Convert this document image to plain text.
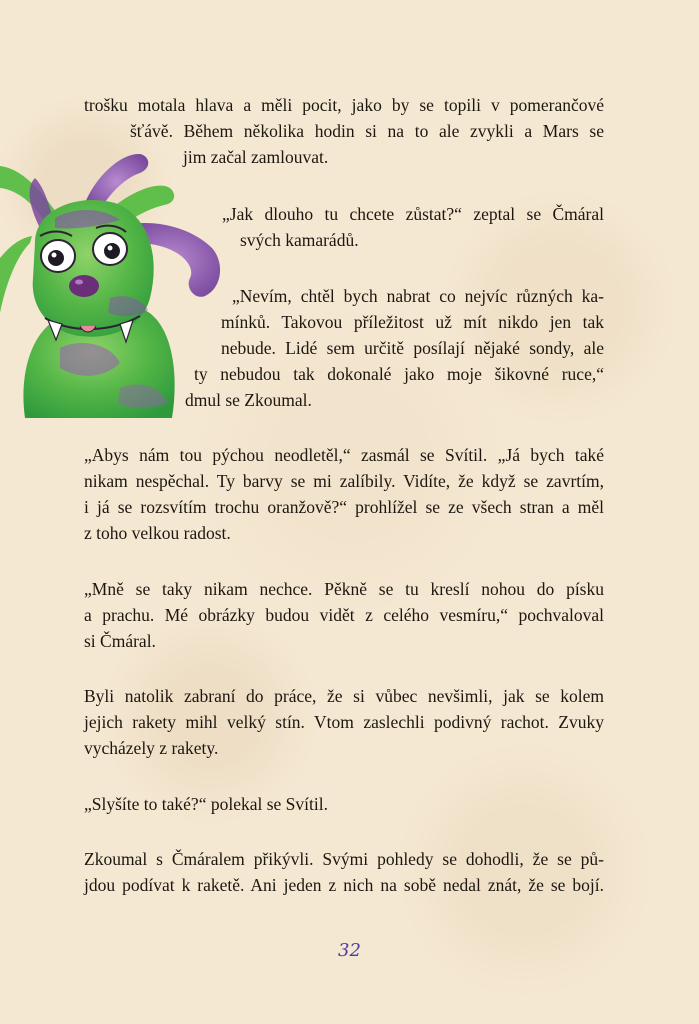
trošku motala hlava a měli pocit, jako by se topili v pomerančové
šťávě. Během několika hodin si na to ale zvykli a Mars se
jim začal zamlouvat.
„Jak dlouho tu chcete zůstat?“ zeptal se Čmáral
svých kamarádů.
„Nevím, chtěl bych nabrat co nejvíc různých ka-
mínků. Takovou příležitost už mít nikdo jen tak
nebude. Lidé sem určitě posílají nějaké sondy, ale
ty nebudou tak dokonalé jako moje šikovné ruce,“
dmul se Zkoumal.
„Abys nám tou pýchou neodletěl,“ zasmál se Svítil. „Já bych také
nikam nespěchal. Ty barvy se mi zalíbily. Vidíte, že když se zavrtím,
i já se rozsvítím trochu oranžově?“ prohlížel se ze všech stran a měl
z toho velkou radost.
„Mně se taky nikam nechce. Pěkně se tu kreslí nohou do písku
a prachu. Mé obrázky budou vidět z celého vesmíru,“ pochvaloval
si Čmáral.
Byli natolik zabraní do práce, že si vůbec nevšimli, jak se kolem
jejich rakety mihl velký stín. Vtom zaslechli podivný rachot. Zvuky
vycházely z rakety.
„Slyšíte to také?“ polekal se Svítil.
Zkoumal s Čmáralem přikývli. Svými pohledy se dohodli, že se pů-
jdou podívat k raketě. Ani jeden z nich na sobě nedal znát, že se bojí.
32
